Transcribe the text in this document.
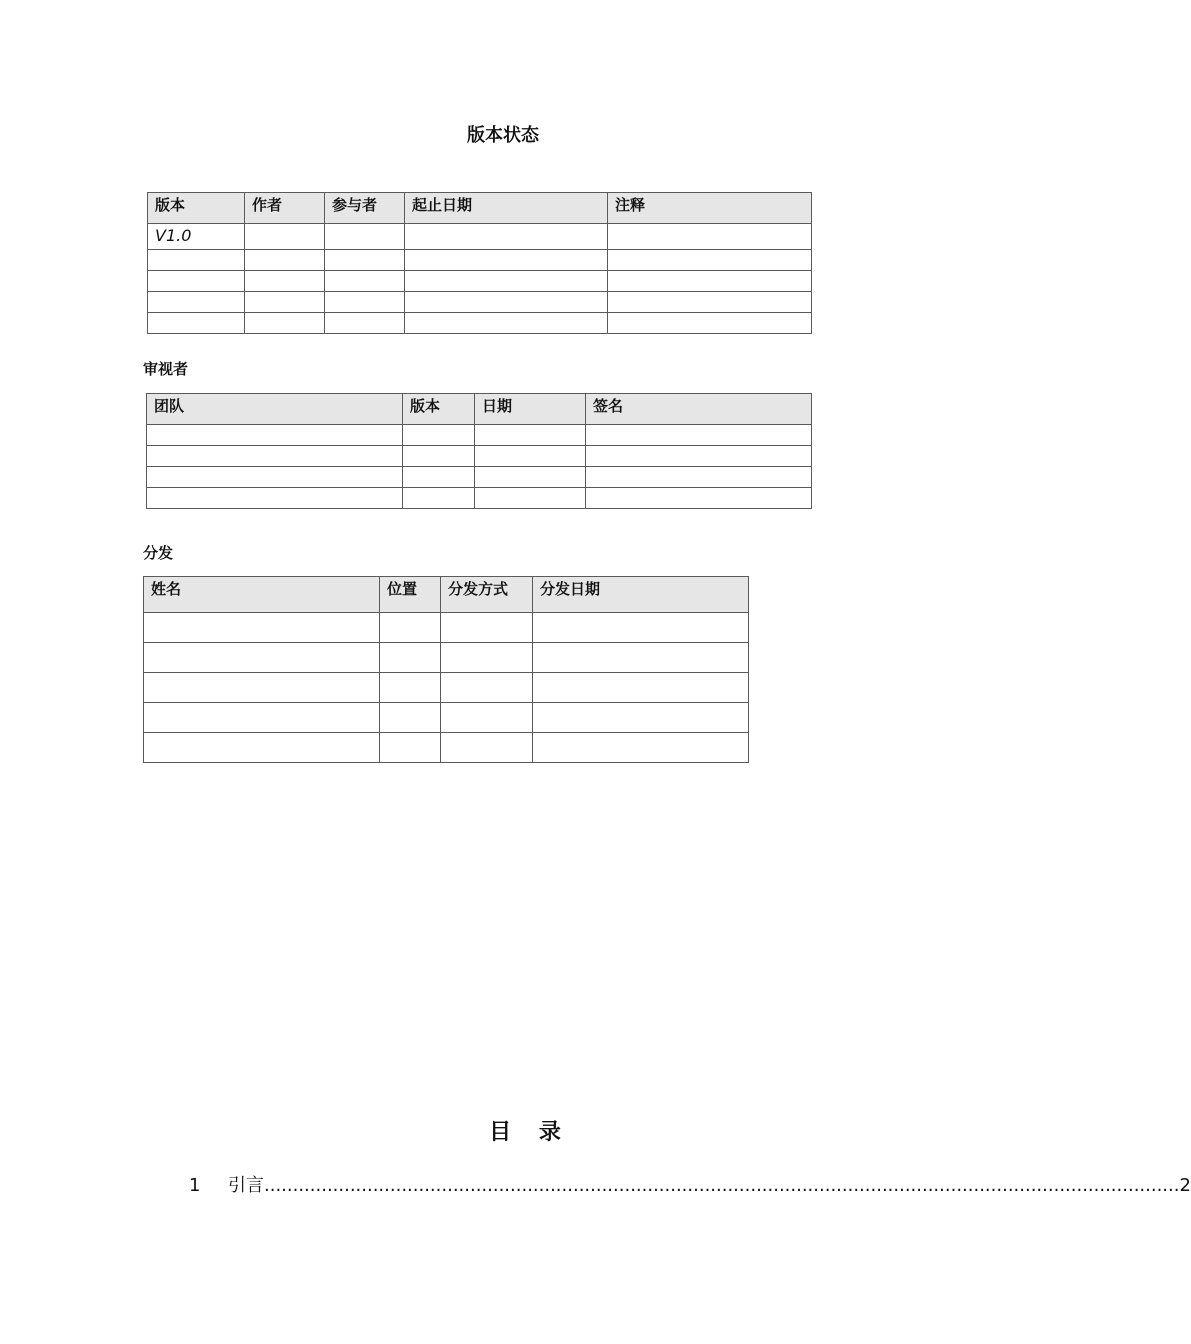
版本状态
版本	作者	参与者	起止日期	注释
V1.0				

审视者
团队	版本	日期	签名

分发
姓名	位置	分发方式	分发日期

目 录
1	引言 ................................................................................................................................................................ 2
